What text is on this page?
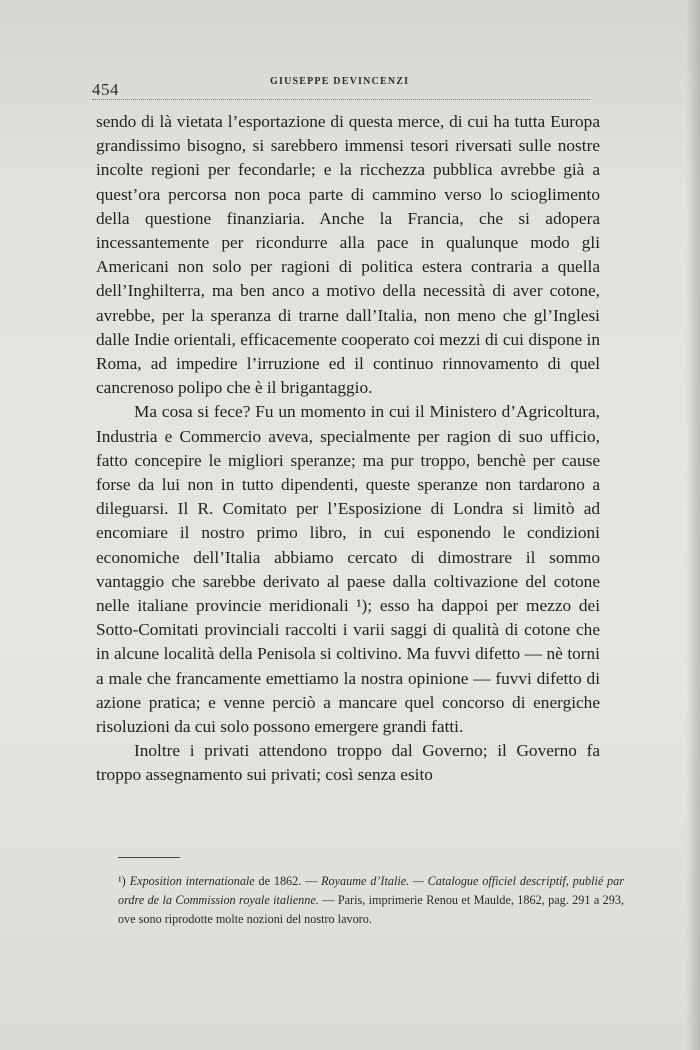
454	GIUSEPPE DEVINCENZI

sendo di là vietata l’esportazione di questa merce, di cui ha tutta Europa grandissimo bisogno, si sarebbero immensi tesori riversati sulle nostre incolte regioni per fecondarle; e la ricchezza pubblica avrebbe già a quest’ora percorsa non poca parte di cammino verso lo scioglimento della questione finanziaria. Anche la Francia, che si adopera incessantemente per ricondurre alla pace in qualunque modo gli Americani non solo per ragioni di politica estera contraria a quella dell’Inghilterra, ma ben anco a motivo della necessità di aver cotone, avrebbe, per la speranza di trarne dall’Italia, non meno che gl’Inglesi dalle Indie orientali, efficacemente cooperato coi mezzi di cui dispone in Roma, ad impedire l’irruzione ed il continuo rinnovamento di quel cancrenoso polipo che è il brigantaggio.

Ma cosa si fece? Fu un momento in cui il Ministero d’Agricoltura, Industria e Commercio aveva, specialmente per ragion di suo ufficio, fatto concepire le migliori speranze; ma pur troppo, benchè per cause forse da lui non in tutto dipendenti, queste speranze non tardarono a dileguarsi. Il R. Comitato per l’Esposizione di Londra si limitò ad encomiare il nostro primo libro, in cui esponendo le condizioni economiche dell’Italia abbiamo cercato di dimostrare il sommo vantaggio che sarebbe derivato al paese dalla coltivazione del cotone nelle italiane provincie meridionali ¹); esso ha dappoi per mezzo dei Sotto-Comitati provinciali raccolti i varii saggi di qualità di cotone che in alcune località della Penisola si coltivino. Ma fuvvi difetto — nè torni a male che francamente emettiamo la nostra opinione — fuvvi difetto di azione pratica; e venne perciò a mancare quel concorso di energiche risoluzioni da cui solo possono emergere grandi fatti.

Inoltre i privati attendono troppo dal Governo; il Governo fa troppo assegnamento sui privati; così senza esito

¹) Exposition internationale de 1862. — Royaume d’Italie. — Catalogue officiel descriptif, publié par ordre de la Commission royale italienne. — Paris, imprimerie Renou et Maulde, 1862, pag. 291 a 293, ove sono riprodotte molte nozioni del nostro lavoro.
